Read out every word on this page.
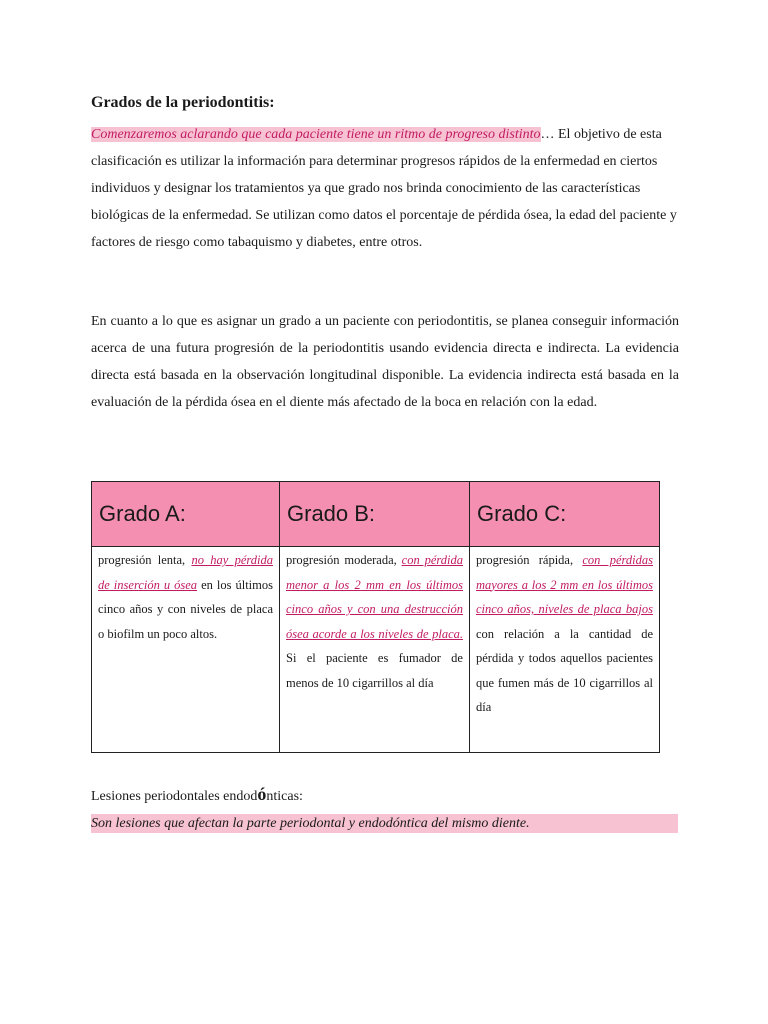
Grados de la periodontitis:
Comenzaremos aclarando que cada paciente tiene un ritmo de progreso distinto… El objetivo de esta clasificación es utilizar la información para determinar progresos rápidos de la enfermedad en ciertos individuos y designar los tratamientos ya que grado nos brinda conocimiento de las características biológicas de la enfermedad. Se utilizan como datos el porcentaje de pérdida ósea, la edad del paciente y factores de riesgo como tabaquismo y diabetes, entre otros.
En cuanto a lo que es asignar un grado a un paciente con periodontitis, se planea conseguir información acerca de una futura progresión de la periodontitis usando evidencia directa e indirecta. La evidencia directa está basada en la observación longitudinal disponible. La evidencia indirecta está basada en la evaluación de la pérdida ósea en el diente más afectado de la boca en relación con la edad.
Grado A:	Grado B:	Grado C:
progresión lenta, no hay pérdida de inserción u ósea en los últimos cinco años y con niveles de placa o biofilm un poco altos.	progresión moderada, con pérdida menor a los 2 mm en los últimos cinco años y con una destrucción ósea acorde a los niveles de placa. Si el paciente es fumador de menos de 10 cigarrillos al día	progresión rápida, con pérdidas mayores a los 2 mm en los últimos cinco años, niveles de placa bajos con relación a la cantidad de pérdida y todos aquellos pacientes que fumen más de 10 cigarrillos al día
Lesiones periodontales endodónticas:
Son lesiones que afectan la parte periodontal y endodóntica del mismo diente.
